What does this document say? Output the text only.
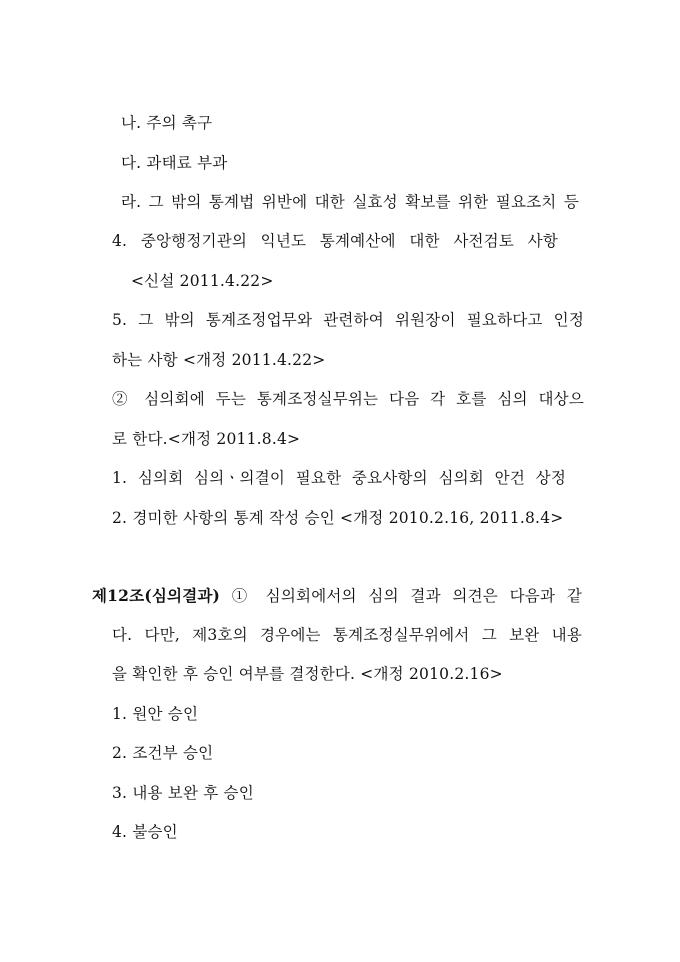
나. 주의 촉구
다. 과태료 부과
라. 그 밖의 통계법 위반에 대한 실효성 확보를 위한 필요조치 등
4. 중앙행정기관의 익년도 통계예산에 대한 사전검토 사항
<신설 2011.4.22>
5. 그 밖의 통계조정업무와 관련하여 위원장이 필요하다고 인정
하는 사항 <개정 2011.4.22>
② 심의회에 두는 통계조정실무위는 다음 각 호를 심의 대상으
로 한다.<개정 2011.8.4>
1. 심의회 심의ㆍ의결이 필요한 중요사항의 심의회 안건 상정
2. 경미한 사항의 통계 작성 승인 <개정 2010.2.16, 2011.8.4>
제12조(심의결과) ① 심의회에서의 심의 결과 의견은 다음과 같
다. 다만, 제3호의 경우에는 통계조정실무위에서 그 보완 내용
을 확인한 후 승인 여부를 결정한다. <개정 2010.2.16>
1. 원안 승인
2. 조건부 승인
3. 내용 보완 후 승인
4. 불승인
